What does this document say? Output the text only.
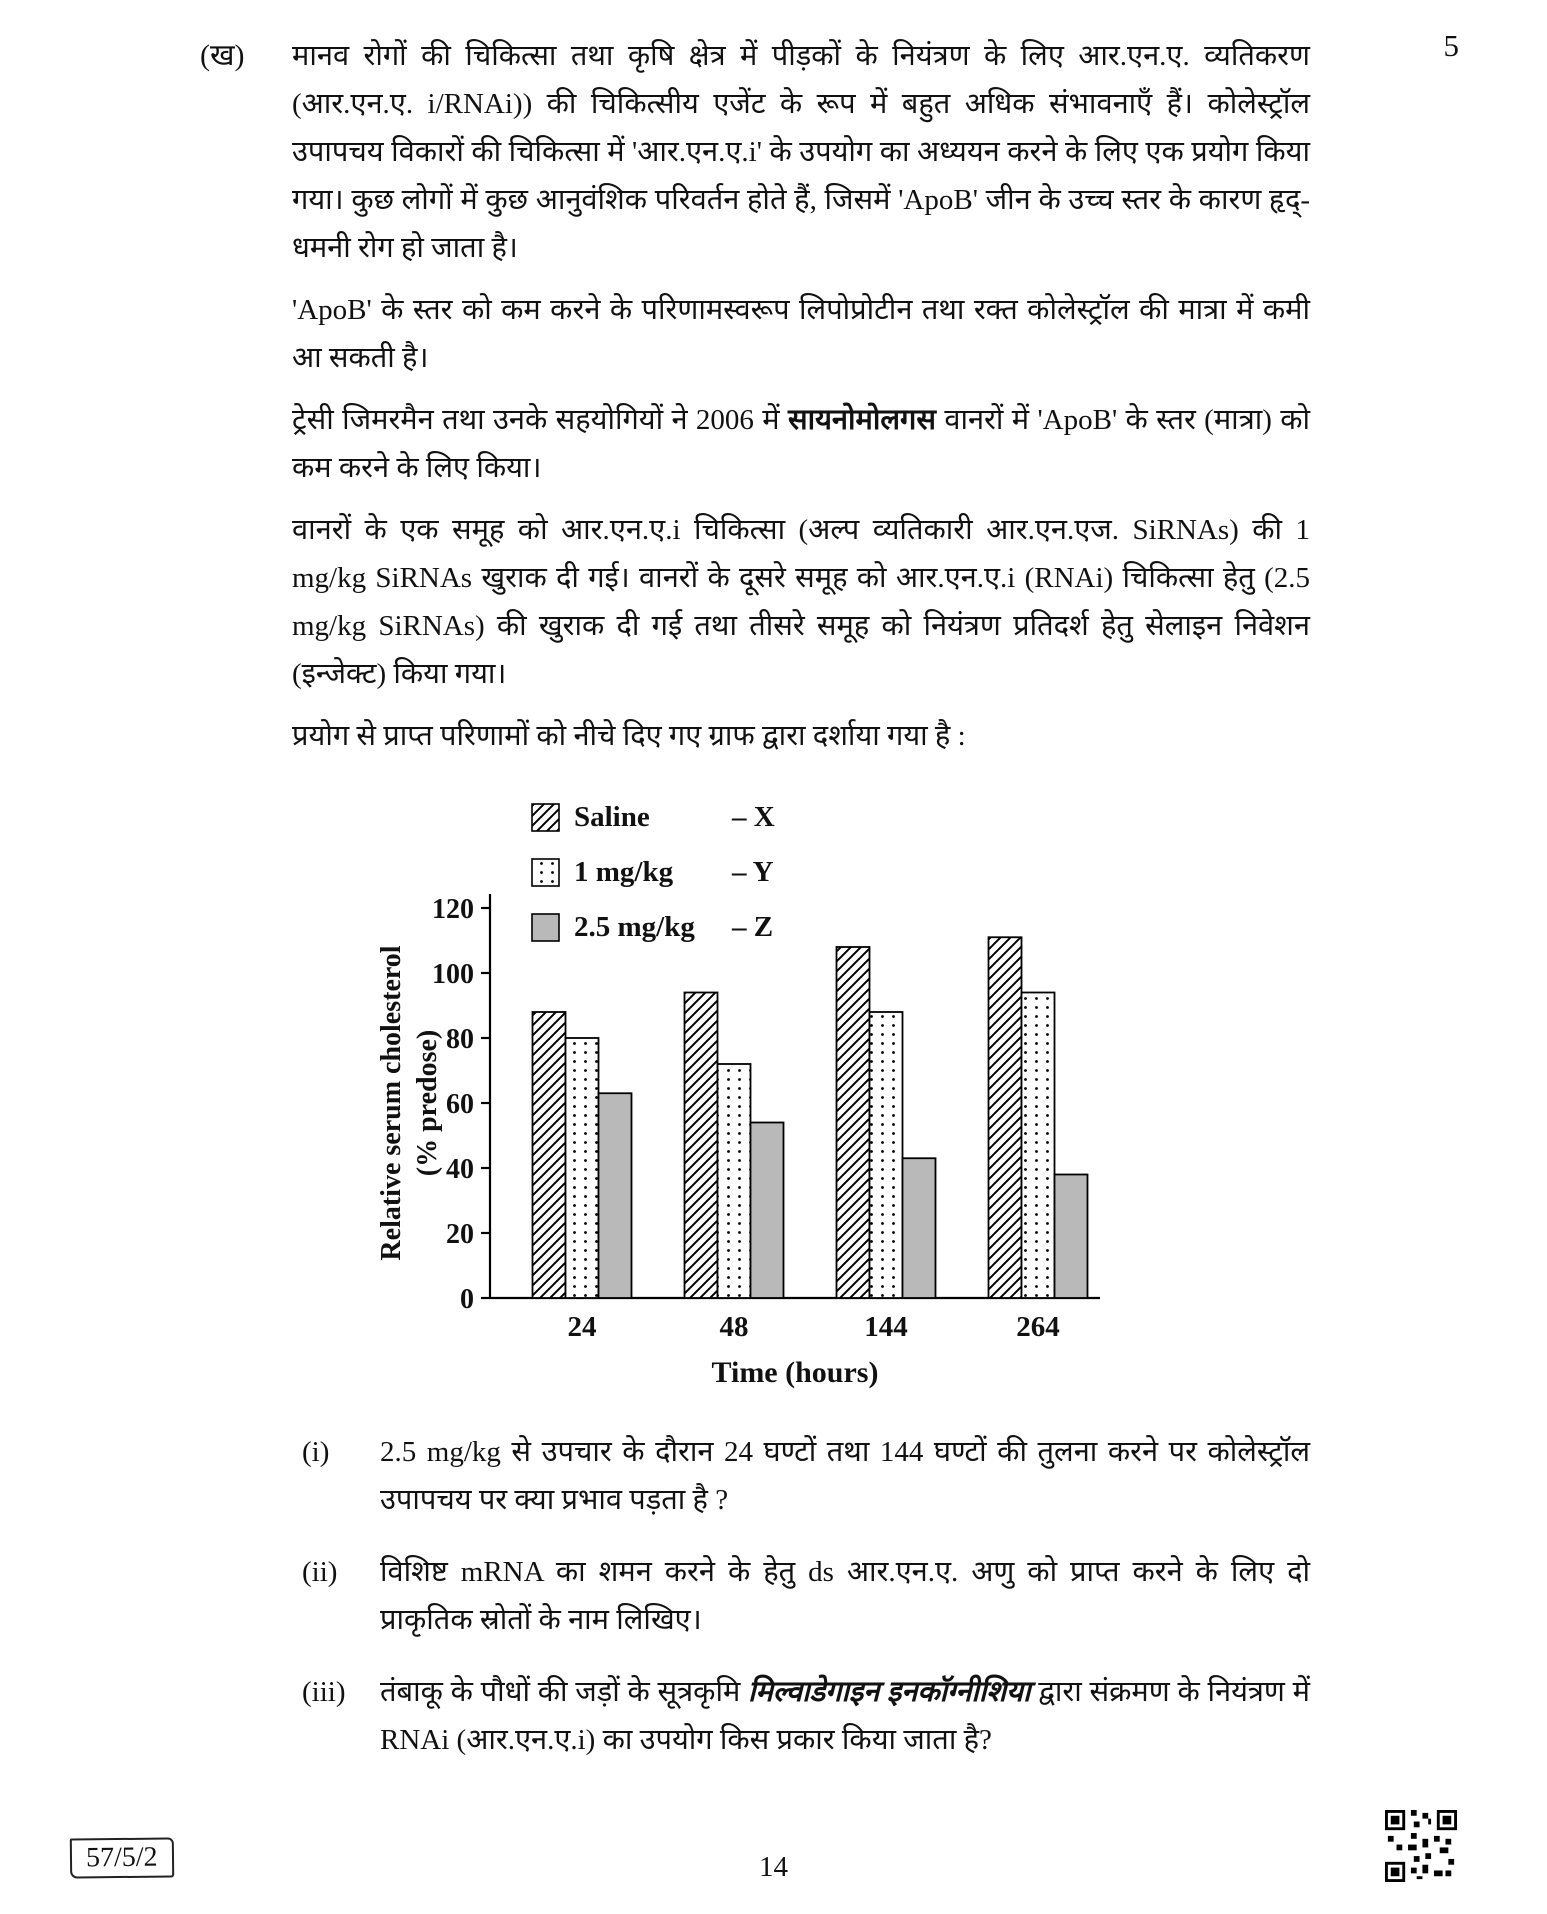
5
(ख)	मानव रोगों की चिकित्सा तथा कृषि क्षेत्र में पीड़कों के नियंत्रण के लिए आर.एन.ए. व्यतिकरण (आर.एन.ए. i/RNAi)) की चिकित्सीय एजेंट के रूप में बहुत अधिक संभावनाएँ हैं। कोलेस्ट्रॉल उपापचय विकारों की चिकित्सा में 'आर.एन.ए.i' के उपयोग का अध्ययन करने के लिए एक प्रयोग किया गया। कुछ लोगों में कुछ आनुवंशिक परिवर्तन होते हैं, जिसमें 'ApoB' जीन के उच्च स्तर के कारण हृद्-धमनी रोग हो जाता है।

'ApoB' के स्तर को कम करने के परिणामस्वरूप लिपोप्रोटीन तथा रक्त कोलेस्ट्रॉल की मात्रा में कमी आ सकती है।

ट्रेसी जिमरमैन तथा उनके सहयोगियों ने 2006 में सायनोमोलगस वानरों में 'ApoB' के स्तर (मात्रा) को कम करने के लिए किया।

वानरों के एक समूह को आर.एन.ए.i चिकित्सा (अल्प व्यतिकारी आर.एन.एज. SiRNAs) की 1 mg/kg SiRNAs खुराक दी गई। वानरों के दूसरे समूह को आर.एन.ए.i (RNAi) चिकित्सा हेतु (2.5 mg/kg SiRNAs) की खुराक दी गई तथा तीसरे समूह को नियंत्रण प्रतिदर्श हेतु सेलाइन निवेशन (इन्जेक्ट) किया गया।

प्रयोग से प्राप्त परिणामों को नीचे दिए गए ग्राफ द्वारा दर्शाया गया है :

0
20
40
60
80
100
120
24	48	144	264
Time (hours)
Relative serum cholesterol (% predose)
Saline	– X
1 mg/kg – Y
2.5 mg/kg – Z
(i)	2.5 mg/kg से उपचार के दौरान 24 घण्टों तथा 144 घण्टों की तुलना करने पर कोलेस्ट्रॉल उपापचय पर क्या प्रभाव पड़ता है ?
(ii)	विशिष्ट mRNA का शमन करने के हेतु ds आर.एन.ए. अणु को प्राप्त करने के लिए दो प्राकृतिक स्रोतों के नाम लिखिए।
(iii)	तंबाकू के पौधों की जड़ों के सूत्रकृमि मिल्वाडेगाइन इनकॉग्नीशिया द्वारा संक्रमण के नियंत्रण में RNAi (आर.एन.ए.i) का उपयोग किस प्रकार किया जाता है?
57/5/2	14
